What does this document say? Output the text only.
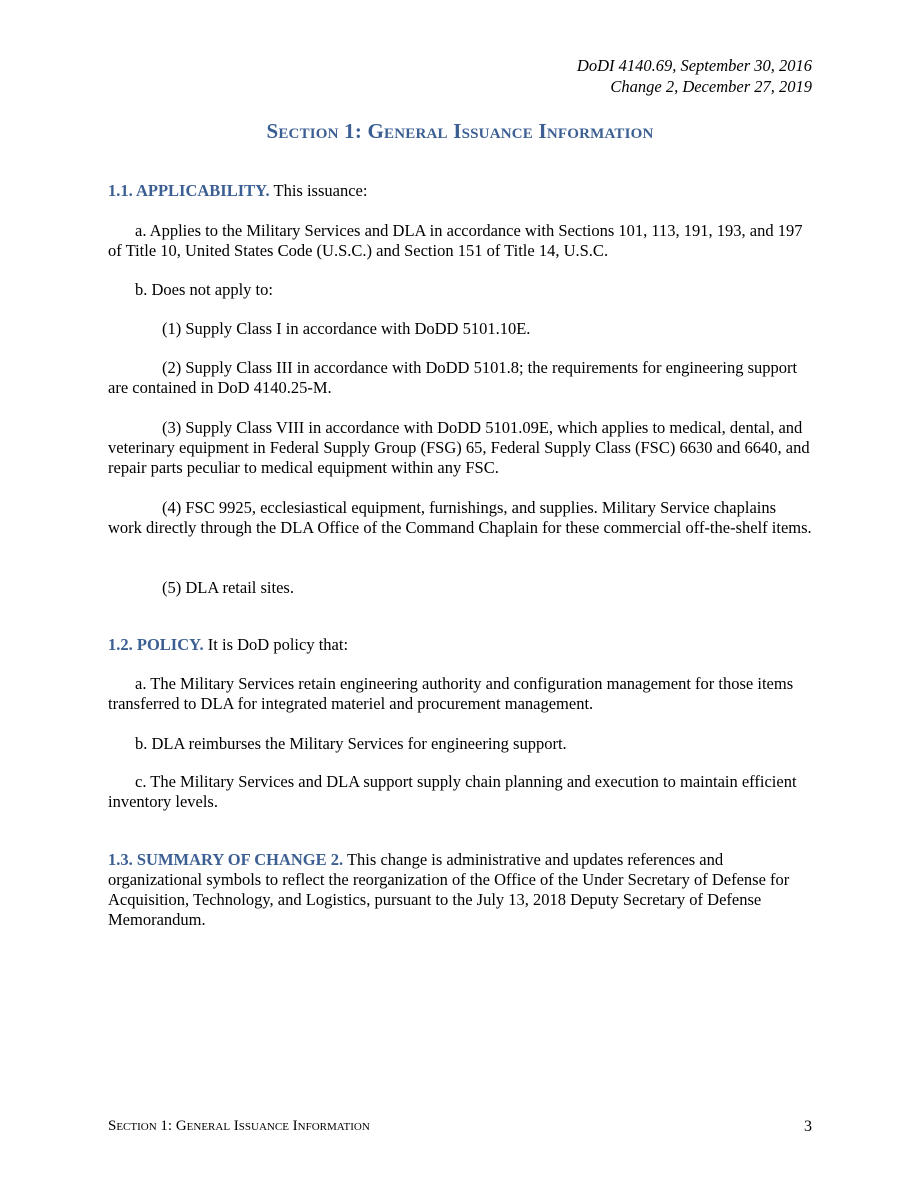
DoDI 4140.69, September 30, 2016
Change 2, December 27, 2019
Section 1: General Issuance Information
1.1. APPLICABILITY. This issuance:
a. Applies to the Military Services and DLA in accordance with Sections 101, 113, 191, 193, and 197 of Title 10, United States Code (U.S.C.) and Section 151 of Title 14, U.S.C.
b. Does not apply to:
(1) Supply Class I in accordance with DoDD 5101.10E.
(2) Supply Class III in accordance with DoDD 5101.8; the requirements for engineering support are contained in DoD 4140.25-M.
(3) Supply Class VIII in accordance with DoDD 5101.09E, which applies to medical, dental, and veterinary equipment in Federal Supply Group (FSG) 65, Federal Supply Class (FSC) 6630 and 6640, and repair parts peculiar to medical equipment within any FSC.
(4) FSC 9925, ecclesiastical equipment, furnishings, and supplies. Military Service chaplains work directly through the DLA Office of the Command Chaplain for these commercial off-the-shelf items.
(5) DLA retail sites.
1.2. POLICY. It is DoD policy that:
a. The Military Services retain engineering authority and configuration management for those items transferred to DLA for integrated materiel and procurement management.
b. DLA reimburses the Military Services for engineering support.
c. The Military Services and DLA support supply chain planning and execution to maintain efficient inventory levels.
1.3. SUMMARY OF CHANGE 2. This change is administrative and updates references and organizational symbols to reflect the reorganization of the Office of the Under Secretary of Defense for Acquisition, Technology, and Logistics, pursuant to the July 13, 2018 Deputy Secretary of Defense Memorandum.
Section 1: General Issuance Information	3
